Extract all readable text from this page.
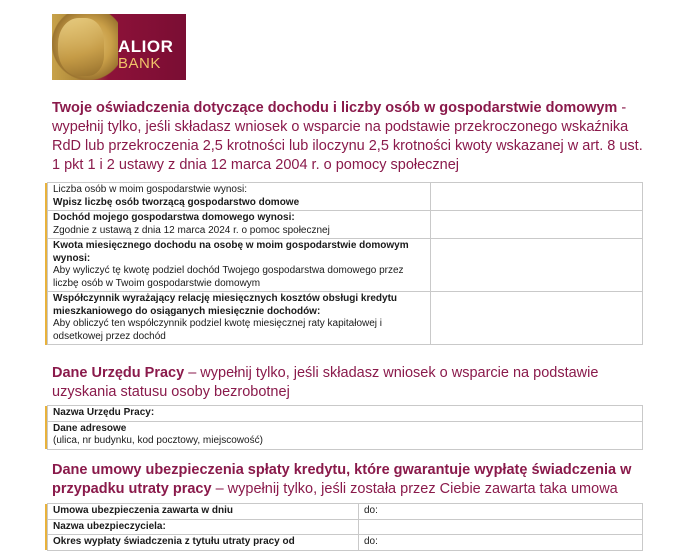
ALIOR
BANK
Twoje oświadczenia dotyczące dochodu i liczby osób w gospodarstwie domowym - wypełnij tylko, jeśli składasz wniosek o wsparcie na podstawie przekroczonego wskaźnika RdD lub przekroczenia 2,5 krotności lub iloczynu 2,5 krotności kwoty wskazanej w art. 8 ust. 1 pkt 1 i 2 ustawy z dnia 12 marca 2004 r. o pomocy społecznej

	Liczba osób w moim gospodarstwie wynosi:
Wpisz liczbę osób tworzącą gospodarstwo domowe	

	Dochód mojego gospodarstwa domowego wynosi:
Zgodnie z ustawą z dnia 12 marca 2024 r. o pomoc społecznej	

	Kwota miesięcznego dochodu na osobę w moim gospodarstwie domowym wynosi:
Aby wyliczyć tę kwotę podziel dochód Twojego gospodarstwa domowego przez liczbę osób w Twoim gospodarstwie domowym	

	Współczynnik wyrażający relację miesięcznych kosztów obsługi kredytu mieszkaniowego do osiąganych miesięcznie dochodów:
Aby obliczyć ten współczynnik podziel kwotę miesięcznej raty kapitałowej i odsetkowej przez dochód	

Dane Urzędu Pracy – wypełnij tylko, jeśli składasz wniosek o wsparcie na podstawie uzyskania statusu osoby bezrobotnej

	Nazwa Urzędu Pracy:

	Dane adresowe
(ulica, nr budynku, kod pocztowy, miejscowość)
Dane umowy ubezpieczenia spłaty kredytu, które gwarantuje wypłatę świadczenia w przypadku utraty pracy – wypełnij tylko, jeśli została przez Ciebie zawarta taka umowa
	Umowa ubezpieczenia zawarta w dniu	do:
	Nazwa ubezpieczyciela:	
	Okres wypłaty świadczenia z tytułu utraty pracy od	do:
